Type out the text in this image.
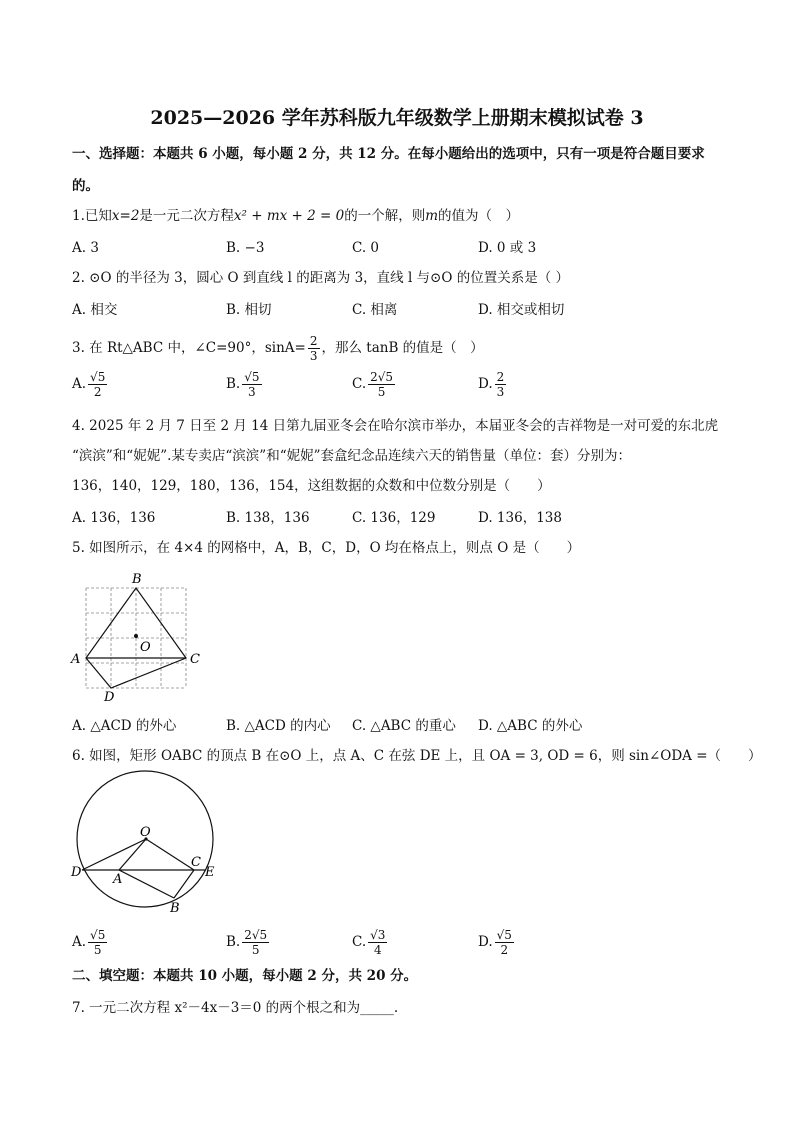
2025—2026 学年苏科版九年级数学上册期末模拟试卷 3
一、选择题：本题共 6 小题，每小题 2 分，共 12 分。在每小题给出的选项中，只有一项是符合题目要求
的。
1.已知x=2是一元二次方程x² + mx + 2 = 0的一个解，则m的值为（　）
A. 3	B. −3	C. 0	D. 0 或 3
2. ⊙O 的半径为 3，圆心 O 到直线 l 的距离为 3，直线 l 与⊙O 的位置关系是（ ）
A. 相交	B. 相切	C. 相离	D. 相交或相切
3. 在 Rt△ABC 中，∠C=90°，$\sin A= \frac{2}{3}$ ，那么 tanB 的值是（　）
A. $\frac{√5}{2}$	B. $\frac{√5}{3}$	C. $\frac{2√5}{5}$	D. $\frac{2}{3}$
4. 2025 年 2 月 7 日至 2 月 14 日第九届亚冬会在哈尔滨市举办，本届亚冬会的吉祥物是一对可爱的东北虎
“滨滨”和“妮妮”.某专卖店“滨滨”和“妮妮”套盒纪念品连续六天的销售量（单位：套）分别为：
136，140，129，180，136，154，这组数据的众数和中位数分别是（　　）
A. 136，136	B. 138，136	C. 136，129	D. 136，138
5. 如图所示，在 4×4 的网格中，A，B，C，D，O 均在格点上，则点 O 是（　　）
B
A	C
D
O
A. △ACD 的外心	B. △ACD 的内心 C. △ABC 的重心 D. △ABC 的外心
6. 如图，矩形 OABC 的顶点 B 在⊙O 上，点 A、C 在弦 DE 上，且 OA = 3, OD = 6，则 sin∠ODA =（　　）
O
D A
C
E
B
A. $\frac{√5}{5}$	B. $\frac{2√5}{5}$	C. $\frac{√3}{4}$	D. $\frac{√5}{2}$
二、填空题：本题共 10 小题，每小题 2 分，共 20 分。
7. 一元二次方程 x²－4x－3＝0 的两个根之和为_____.
